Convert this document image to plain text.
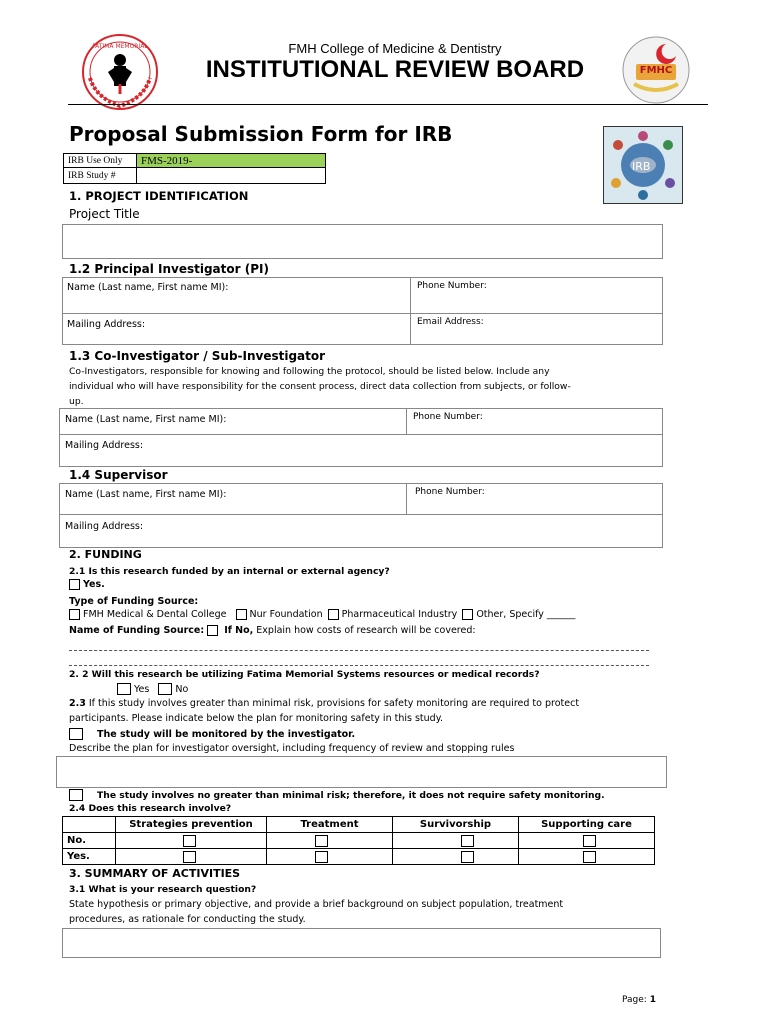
FATIMA MEMORIAL
FMHC
FMH College of Medicine & Dentistry
INSTITUTIONAL REVIEW BOARD
Proposal Submission Form for IRB
IRB Use Only	FMS-2019-
IRB Study #	
IRB
1. PROJECT IDENTIFICATION
Project Title
1.2 Principal Investigator (PI)
Name (Last name, First name MI):	Phone Number:
Mailing Address:	Email Address:
1.3 Co-Investigator / Sub-Investigator
Co-Investigators, responsible for knowing and following the protocol, should be listed below. Include any
individual who will have responsibility for the consent process, direct data collection from subjects, or follow-
up.
Name (Last name, First name MI):	Phone Number:
Mailing Address:
1.4 Supervisor
Name (Last name, First name MI):	Phone Number:
Mailing Address:
2. FUNDING
2.1 Is this research funded by an internal or external agency?
Yes.
Type of Funding Source:
FMH Medical & Dental College Nur Foundation Pharmaceutical Industry Other, Specify ______
Name of Funding Source: If No, Explain how costs of research will be covered:
2. 2 Will this research be utilizing Fatima Memorial Systems resources or medical records?
Yes	No
2.3 If this study involves greater than minimal risk, provisions for safety monitoring are required to protect
participants. Please indicate below the plan for monitoring safety in this study.
The study will be monitored by the investigator.
Describe the plan for investigator oversight, including frequency of review and stopping rules
The study involves no greater than minimal risk; therefore, it does not require safety monitoring.
2.4 Does this research involve?
	Strategies prevention	Treatment	Survivorship	Supporting care
No.				
Yes.				
3. SUMMARY OF ACTIVITIES
3.1 What is your research question?
State hypothesis or primary objective, and provide a brief background on subject population, treatment
procedures, as rationale for conducting the study.
Page: 1
